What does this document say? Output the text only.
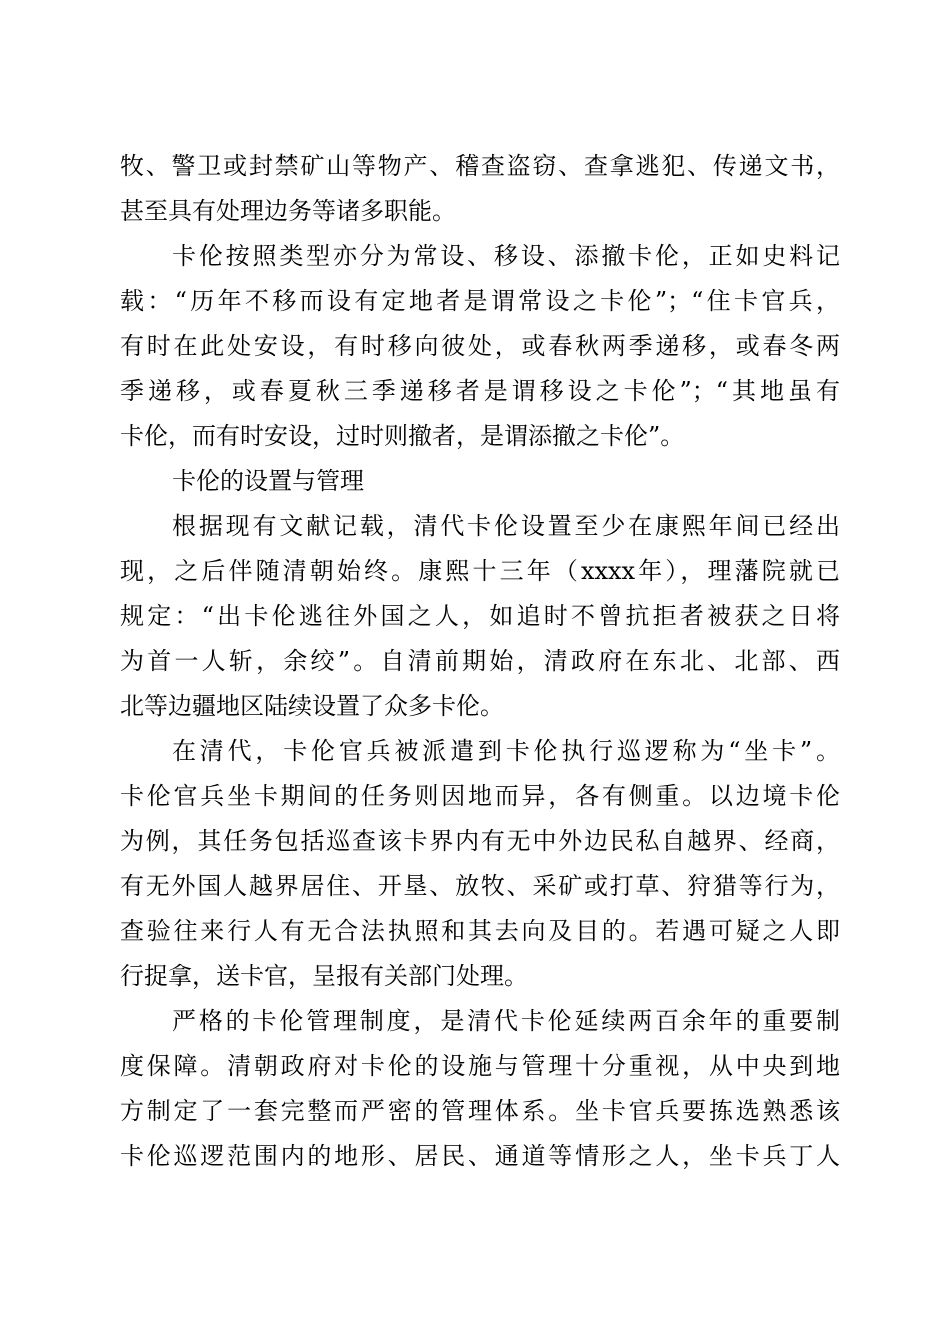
牧、警卫或封禁矿山等物产、稽查盗窃、查拿逃犯、传递文书，
甚至具有处理边务等诸多职能。
卡伦按照类型亦分为常设、移设、添撤卡伦，正如史料记
载：“历年不移而设有定地者是谓常设之卡伦”；“住卡官兵，
有时在此处安设，有时移向彼处，或春秋两季递移，或春冬两
季递移，或春夏秋三季递移者是谓移设之卡伦”；“其地虽有
卡伦，而有时安设，过时则撤者，是谓添撤之卡伦”。
卡伦的设置与管理
根据现有文献记载，清代卡伦设置至少在康熙年间已经出
现，之后伴随清朝始终。康熙十三年（xxxx年），理藩院就已
规定：“出卡伦逃往外国之人，如追时不曾抗拒者被获之日将
为首一人斩，余绞”。自清前期始，清政府在东北、北部、西
北等边疆地区陆续设置了众多卡伦。
在清代，卡伦官兵被派遣到卡伦执行巡逻称为“坐卡”。
卡伦官兵坐卡期间的任务则因地而异，各有侧重。以边境卡伦
为例，其任务包括巡查该卡界内有无中外边民私自越界、经商，
有无外国人越界居住、开垦、放牧、采矿或打草、狩猎等行为，
查验往来行人有无合法执照和其去向及目的。若遇可疑之人即
行捉拿，送卡官，呈报有关部门处理。
严格的卡伦管理制度，是清代卡伦延续两百余年的重要制
度保障。清朝政府对卡伦的设施与管理十分重视，从中央到地
方制定了一套完整而严密的管理体系。坐卡官兵要拣选熟悉该
卡伦巡逻范围内的地形、居民、通道等情形之人，坐卡兵丁人
